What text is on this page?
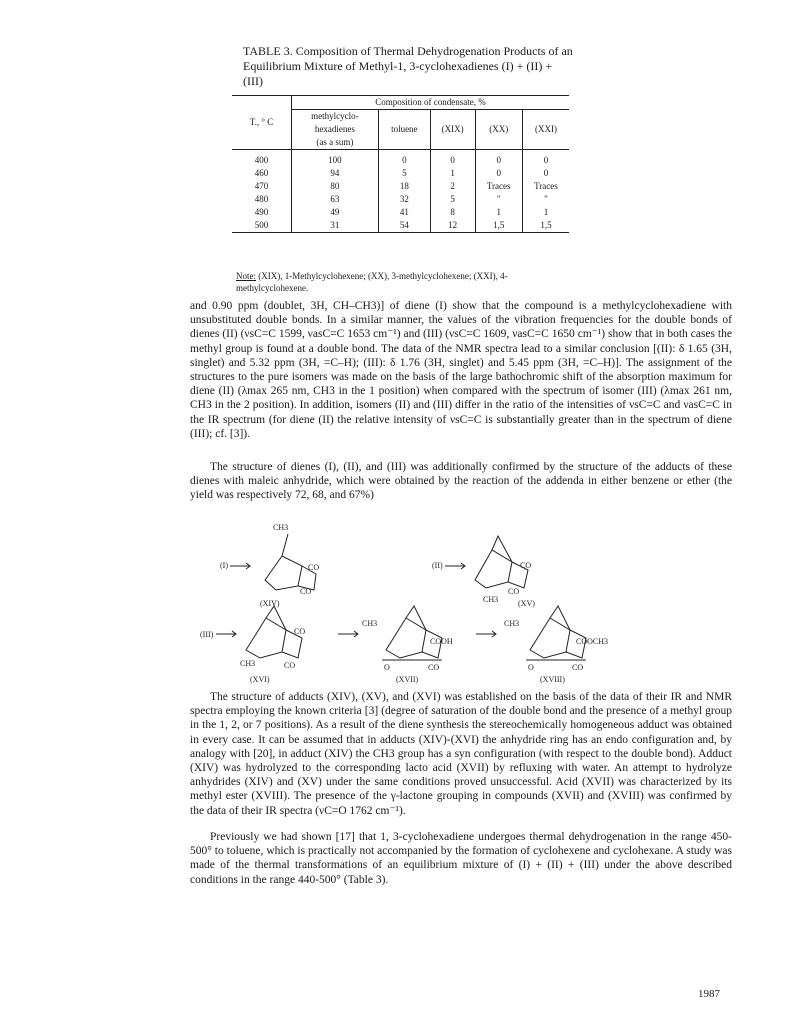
TABLE 3. Composition of Thermal Dehydrogenation Products of an Equilibrium Mixture of Methyl-1, 3-cyclohexadienes (I) + (II) + (III)
T., ° C	Composition of condensate, %				
	methylcyclo-				
	hexadienes	toluene	(XIX)	(XX)	(XXI)
	(as a sum)				

400	100	0	0	0	0
460	94	5	1	0	0
470	80	18	2	Traces	Traces
480	63	32	5	"	"
490	49	41	8	1	1
500	31	54	12	1,5	1,5
Note: (XIX), 1-Methylcyclohexene; (XX), 3-methylcyclohexene; (XXI), 4-methylcyclohexene.
and 0.90 ppm (doublet, 3H, CH–CH3)] of diene (I) show that the compound is a methylcyclohexadiene with unsubstituted double bonds. In a similar manner, the values of the vibration frequencies for the double bonds of dienes (II) (νsC=C 1599, νasC=C 1653 cm⁻¹) and (III) (νsC=C 1609, νasC=C 1650 cm⁻¹) show that in both cases the methyl group is found at a double bond. The data of the NMR spectra lead to a similar conclusion [(II): δ 1.65 (3H, singlet) and 5.32 ppm (3H, =C–H); (III): δ 1.76 (3H, singlet) and 5.45 ppm (3H, =C–H)]. The assignment of the structures to the pure isomers was made on the basis of the large bathochromic shift of the absorption maximum for diene (II) (λmax 265 nm, CH3 in the 1 position) when compared with the spectrum of isomer (III) (λmax 261 nm, CH3 in the 2 position). In addition, isomers (II) and (III) differ in the ratio of the intensities of νsC=C and νasC=C in the IR spectrum (for diene (II) the relative intensity of νsC=C is substantially greater than in the spectrum of diene (III); cf. [3]).
The structure of dienes (I), (II), and (III) was additionally confirmed by the structure of the adducts of these dienes with maleic anhydride, which were obtained by the reaction of the addenda in either benzene or ether (the yield was respectively 72, 68, and 67%)
(I)
CH3
CO
CO
(XIV)
(II)
CH3
CO
CO
(XV)
(III)	CO
CO
CH3
(XVI)
CH3
COOH
O	CO
(XVII)
CH3
COOCH3
O	CO
(XVIII)
The structure of adducts (XIV), (XV), and (XVI) was established on the basis of the data of their IR and NMR spectra employing the known criteria [3] (degree of saturation of the double bond and the presence of a methyl group in the 1, 2, or 7 positions). As a result of the diene synthesis the stereochemically homogeneous adduct was obtained in every case. It can be assumed that in adducts (XIV)-(XVI) the anhydride ring has an endo configuration and, by analogy with [20], in adduct (XIV) the CH3 group has a syn configuration (with respect to the double bond). Adduct (XIV) was hydrolyzed to the corresponding lacto acid (XVII) by refluxing with water. An attempt to hydrolyze anhydrides (XIV) and (XV) under the same conditions proved unsuccessful. Acid (XVII) was characterized by its methyl ester (XVIII). The presence of the γ-lactone grouping in compounds (XVII) and (XVIII) was confirmed by the data of their IR spectra (νC=O 1762 cm⁻¹).
Previously we had shown [17] that 1, 3-cyclohexadiene undergoes thermal dehydrogenation in the range 450-500° to toluene, which is practically not accompanied by the formation of cyclohexene and cyclohexane. A study was made of the thermal transformations of an equilibrium mixture of (I) + (II) + (III) under the above described conditions in the range 440-500° (Table 3).
1987
